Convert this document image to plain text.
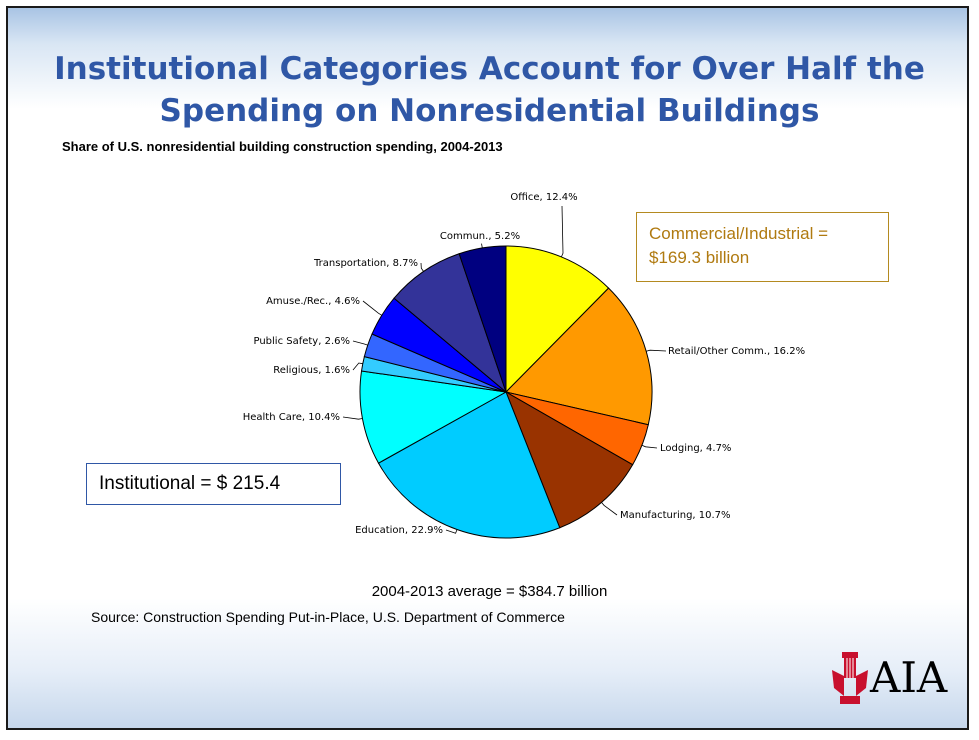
Institutional Categories Account for Over Half the
Spending on Nonresidential Buildings
Share of U.S. nonresidential building construction spending, 2004-2013
Office, 12.4%
Retail/Other Comm., 16.2%
Lodging, 4.7%
Manufacturing, 10.7%
Education, 22.9%
Health Care, 10.4%
Religious, 1.6%
Public Safety, 2.6%
Amuse./Rec., 4.6%
Transportation, 8.7%
Commun., 5.2%	Commercial/Industrial =
$169.3 billion
Institutional = $ 215.4
2004-2013 average = $384.7 billion
Source: Construction Spending Put-in-Place, U.S. Department of Commerce
AIA
